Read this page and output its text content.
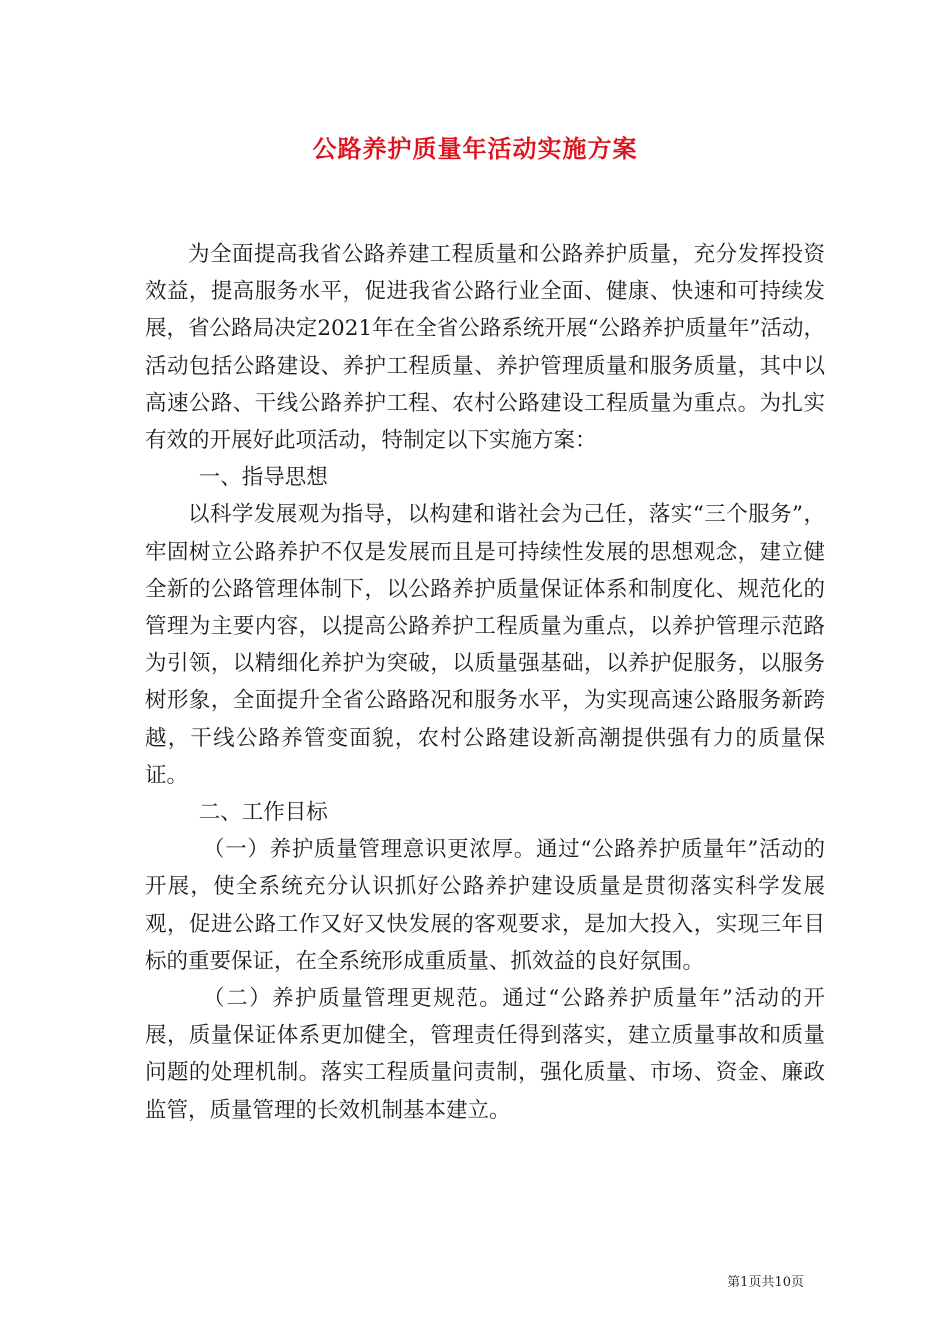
公路养护质量年活动实施方案

为全面提高我省公路养建工程质量和公路养护质量，充分发挥投资效益，提高服务水平，促进我省公路行业全面、健康、快速和可持续发展，省公路局决定2021年在全省公路系统开展“公路养护质量年”活动，活动包括公路建设、养护工程质量、养护管理质量和服务质量，其中以高速公路、干线公路养护工程、农村公路建设工程质量为重点。为扎实有效的开展好此项活动，特制定以下实施方案：

一、指导思想

以科学发展观为指导，以构建和谐社会为己任，落实“三个服务”，牢固树立公路养护不仅是发展而且是可持续性发展的思想观念，建立健全新的公路管理体制下，以公路养护质量保证体系和制度化、规范化的管理为主要内容，以提高公路养护工程质量为重点，以养护管理示范路为引领，以精细化养护为突破，以质量强基础，以养护促服务，以服务树形象，全面提升全省公路路况和服务水平，为实现高速公路服务新跨越，干线公路养管变面貌，农村公路建设新高潮提供强有力的质量保证。

二、工作目标

（一）养护质量管理意识更浓厚。通过“公路养护质量年”活动的开展，使全系统充分认识抓好公路养护建设质量是贯彻落实科学发展观，促进公路工作又好又快发展的客观要求，是加大投入，实现三年目标的重要保证，在全系统形成重质量、抓效益的良好氛围。

（二）养护质量管理更规范。通过“公路养护质量年”活动的开展，质量保证体系更加健全，管理责任得到落实，建立质量事故和质量问题的处理机制。落实工程质量问责制，强化质量、市场、资金、廉政监管，质量管理的长效机制基本建立。

第1页共10页
